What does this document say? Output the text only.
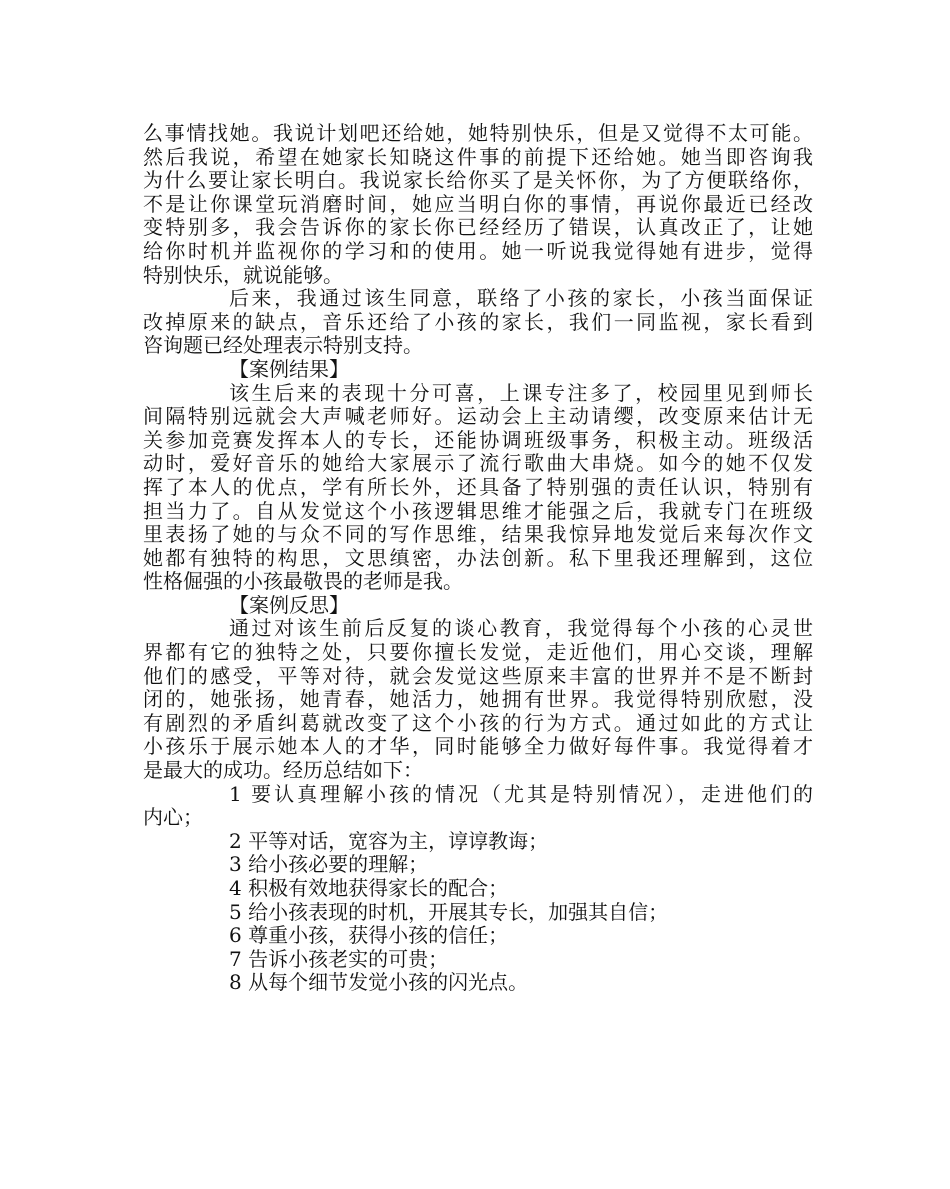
么事情找她。我说计划吧还给她，她特别快乐，但是又觉得不太可能。
然后我说，希望在她家长知晓这件事的前提下还给她。她当即咨询我
为什么要让家长明白。我说家长给你买了是关怀你，为了方便联络你，
不是让你课堂玩消磨时间，她应当明白你的事情，再说你最近已经改
变特别多，我会告诉你的家长你已经经历了错误，认真改正了，让她
给你时机并监视你的学习和的使用。她一听说我觉得她有进步，觉得
特别快乐，就说能够。
后来，我通过该生同意，联络了小孩的家长，小孩当面保证
改掉原来的缺点，音乐还给了小孩的家长，我们一同监视，家长看到
咨询题已经处理表示特别支持。
【案例结果】
该生后来的表现十分可喜，上课专注多了，校园里见到师长
间隔特别远就会大声喊老师好。运动会上主动请缨，改变原来估计无
关参加竞赛发挥本人的专长，还能协调班级事务，积极主动。班级活
动时，爱好音乐的她给大家展示了流行歌曲大串烧。如今的她不仅发
挥了本人的优点，学有所长外，还具备了特别强的责任认识，特别有
担当力了。自从发觉这个小孩逻辑思维才能强之后，我就专门在班级
里表扬了她的与众不同的写作思维，结果我惊异地发觉后来每次作文
她都有独特的构思，文思缜密，办法创新。私下里我还理解到，这位
性格倔强的小孩最敬畏的老师是我。
【案例反思】
通过对该生前后反复的谈心教育，我觉得每个小孩的心灵世
界都有它的独特之处，只要你擅长发觉，走近他们，用心交谈，理解
他们的感受，平等对待，就会发觉这些原来丰富的世界并不是不断封
闭的，她张扬，她青春，她活力，她拥有世界。我觉得特别欣慰，没
有剧烈的矛盾纠葛就改变了这个小孩的行为方式。通过如此的方式让
小孩乐于展示她本人的才华，同时能够全力做好每件事。我觉得着才
是最大的成功。经历总结如下：
1 要认真理解小孩的情况（尤其是特别情况），走进他们的
内心；
2 平等对话，宽容为主，谆谆教诲；
3 给小孩必要的理解；
4 积极有效地获得家长的配合；
5 给小孩表现的时机，开展其专长，加强其自信；
6 尊重小孩，获得小孩的信任；
7 告诉小孩老实的可贵；
8 从每个细节发觉小孩的闪光点。
